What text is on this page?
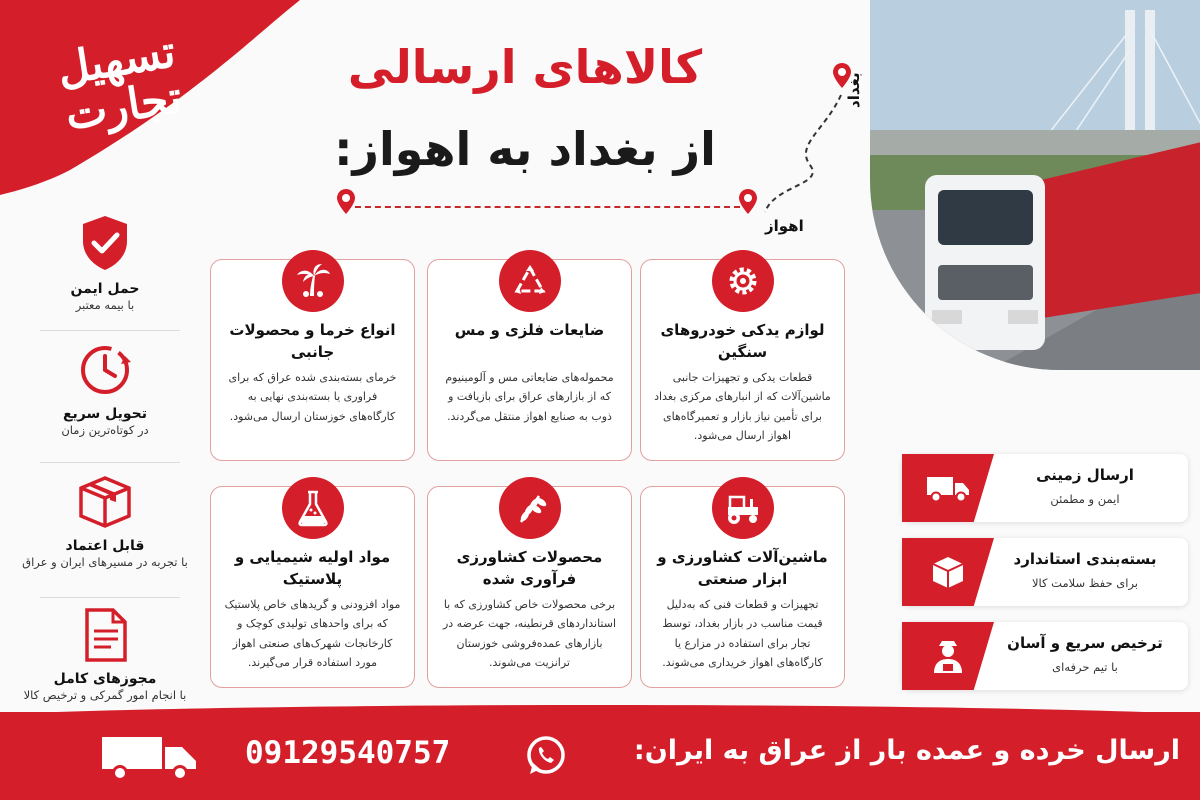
تسهیل تجارت
کالاهای ارسالی
از بغداد به اهواز:
بغداد
اهواز
لوازم یدکی خودروهای سنگین
قطعات یدکی و تجهیزات جانبی ماشین‌آلات که از انبارهای مرکزی بغداد برای تأمین نیاز بازار و تعمیرگاه‌های اهواز ارسال می‌شود.
ضایعات فلزی و مس
محموله‌های ضایعاتی مس و آلومینیوم که از بازارهای عراق برای بازیافت و ذوب به صنایع اهواز منتقل می‌گردند.
انواع خرما و محصولات جانبی
خرمای بسته‌بندی شده عراق که برای فراوری یا بسته‌بندی نهایی به کارگاه‌های خوزستان ارسال می‌شود.
ماشین‌آلات کشاورزی و ابزار صنعتی
تجهیزات و قطعات فنی که به‌دلیل قیمت مناسب در بازار بغداد، توسط تجار برای استفاده در مزارع یا کارگاه‌های اهواز خریداری می‌شوند.
محصولات کشاورزی فرآوری شده
برخی محصولات خاص کشاورزی که با استانداردهای قرنطینه، جهت عرضه در بازارهای عمده‌فروشی خوزستان ترانزیت می‌شوند.
مواد اولیه شیمیایی و پلاستیک
مواد افزودنی و گریدهای خاص پلاستیک که برای واحدهای تولیدی کوچک و کارخانجات شهرک‌های صنعتی اهواز مورد استفاده قرار می‌گیرند.
حمل ایمن
با بیمه معتبر
تحویل سریع
در کوتاه‌ترین زمان
قابل اعتماد
با تجربه در مسیرهای ایران و عراق
مجوزهای کامل
با انجام امور گمرکی و ترخیص کالا
ارسال زمینی
ایمن و مطمئن
بسته‌بندی استاندارد
برای حفظ سلامت کالا
ترخیص سریع و آسان
با تیم حرفه‌ای
09129540757	ارسال خرده و عمده بار از عراق به ایران:
